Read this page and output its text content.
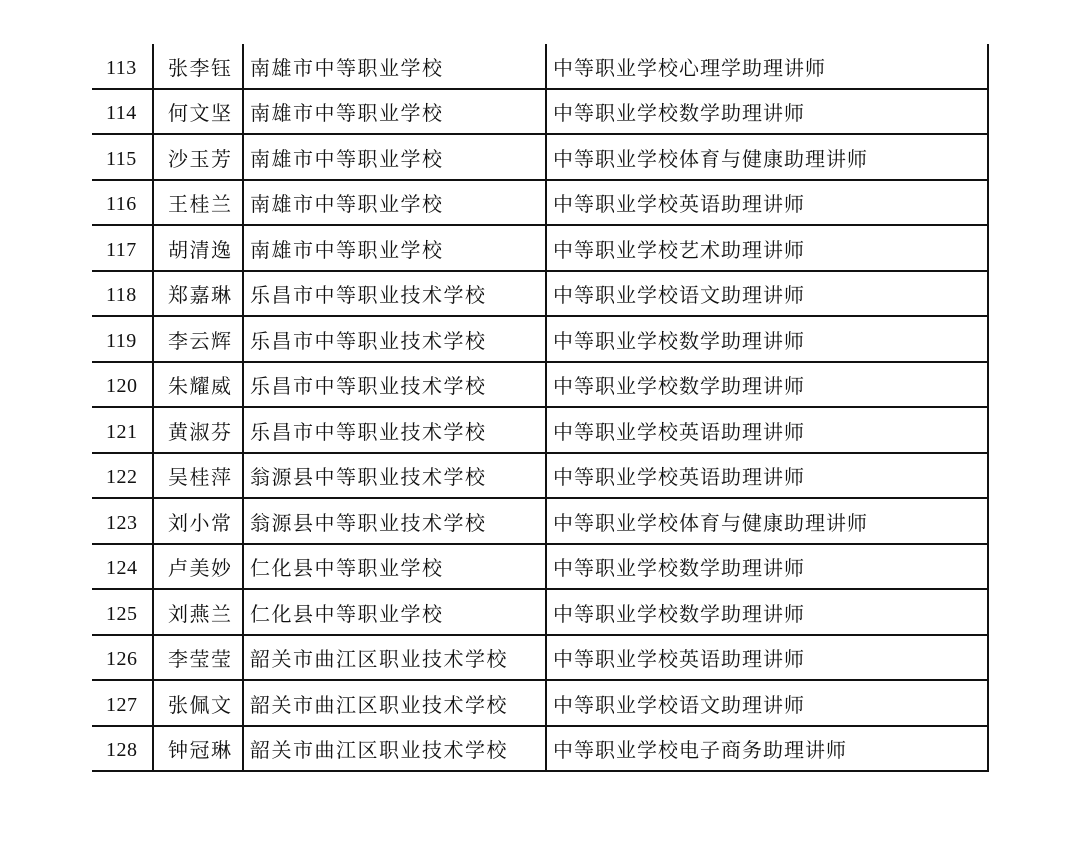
113	张李钰	南雄市中等职业学校	中等职业学校心理学助理讲师
114	何文坚	南雄市中等职业学校	中等职业学校数学助理讲师
115	沙玉芳	南雄市中等职业学校	中等职业学校体育与健康助理讲师
116	王桂兰	南雄市中等职业学校	中等职业学校英语助理讲师
117	胡清逸	南雄市中等职业学校	中等职业学校艺术助理讲师
118	郑嘉琳	乐昌市中等职业技术学校	中等职业学校语文助理讲师
119	李云辉	乐昌市中等职业技术学校	中等职业学校数学助理讲师
120	朱耀威	乐昌市中等职业技术学校	中等职业学校数学助理讲师
121	黄淑芬	乐昌市中等职业技术学校	中等职业学校英语助理讲师
122	吴桂萍	翁源县中等职业技术学校	中等职业学校英语助理讲师
123	刘小常	翁源县中等职业技术学校	中等职业学校体育与健康助理讲师
124	卢美妙	仁化县中等职业学校	中等职业学校数学助理讲师
125	刘燕兰	仁化县中等职业学校	中等职业学校数学助理讲师
126	李莹莹	韶关市曲江区职业技术学校	中等职业学校英语助理讲师
127	张佩文	韶关市曲江区职业技术学校	中等职业学校语文助理讲师
128	钟冠琳	韶关市曲江区职业技术学校	中等职业学校电子商务助理讲师
